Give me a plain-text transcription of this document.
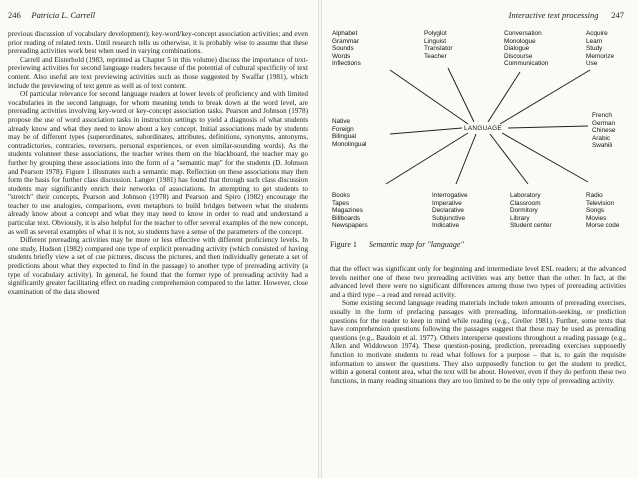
246 Patricia L. Carrell

previous discussion of vocabulary development); key-word/key-concept association activities; and even prior reading of related texts. Until research tells us otherwise, it is probably wise to assume that these prereading activities work best when used in varying combinations.

Carrell and Eisterhold (1983, reprinted as Chapter 5 in this volume) discuss the importance of text-previewing activities for second language readers because of the potential of cultural specificity of text content. Also useful are text previewing activities such as those suggested by Swaffar (1981), which include the previewing of text genre as well as of text content.

Of particular relevance for second language readers at lower levels of proficiency and with limited vocabularies in the second language, for whom meaning tends to break down at the word level, are prereading activities involving key-word or key-concept association tasks. Pearson and Johnson (1978) propose the use of word association tasks in instruction settings to yield a diagnosis of what students already know and what they need to know about a key concept. Initial associations made by students may be of different types (superordinates, subordinates, attributes, definitions, synonyms, antonyms, contradictories, contraries, reversers, personal experiences, or even similar-sounding words). As the students volunteer these associations, the teacher writes them on the blackboard, the teacher may go further by grouping these associations into the form of a "semantic map" for the students (D. Johnson and Pearson 1978). Figure 1 illustrates such a semantic map. Reflection on these associations may then form the basis for further class discussion. Langer (1981) has found that through such class discussion students may significantly enrich their networks of associations. In attempting to get students to "stretch" their concepts, Pearson and Johnson (1978) and Pearson and Spiro (1982) encourage the teacher to use analogies, comparisons, even metaphors to build bridges between what the students already know about a concept and what they may need to know in order to read and understand a particular text. Obviously, it is also helpful for the teacher to offer several examples of the new concept, as well as several examples of what it is not, so students have a sense of the parameters of the concept.

Different prereading activities may be more or less effective with different proficiency levels. In one study, Hudson (1982) compared one type of explicit prereading activity (which consisted of having students briefly view a set of cue pictures, discuss the pictures, and then individually generate a set of predictions about what they expected to find in the passage) to another type of prereading activity (a type of vocabulary activity). In general, he found that the former type of prereading activity had a significantly greater facilitating effect on reading comprehension compared to the latter. However, close examination of the data showed

Interactive text processing 247
Alphabet
Grammar
Sounds
Words
Inflections
Polyglot
Linguist
Translator
Teacher
Conversation
Monologue
Dialogue
Discourse
Communication
Acquire
Learn
Study
Memorize
Use
Native
Foreign
Bilingual
Monolingual
French
German
Chinese
Arabic
Swahili
Books
Tapes
Magazines
Billboards
Newspapers
Interrogative
Imperative
Declarative
Subjunctive
Indicative
Laboratory
Classroom
Dormitory
Library
Student center
Radio
Television
Songs
Movies
Morse code
LANGUAGE
Figure 1 Semantic map for "language"

that the effect was significant only for beginning and intermediate level ESL readers; at the advanced levels neither one of these two prereading activities was any better than the other. In fact, at the advanced level there were no significant differences among those two types of prereading activities and a third type – a read and reread activity.

Some existing second language reading materials include token amounts of prereading exercises, usually in the form of prefacing passages with prereading, information-seeking, or prediction questions for the reader to keep in mind while reading (e.g., Greller 1981). Further, some texts that have comprehension questions following the passages suggest that these may be used as prereading questions (e.g., Baudoin et al. 1977). Others intersperse questions throughout a reading passage (e.g., Allen and Widdowson 1974). These question-posing, prediction, prereading exercises supposedly function to motivate students to read what follows for a purpose – that is, to gain the requisite information to answer the questions. They also supposedly function to get the student to predict, within a general content area, what the text will be about. However, even if they do perform these two functions, in many reading situations they are too limited to be the only type of prereading activity.
